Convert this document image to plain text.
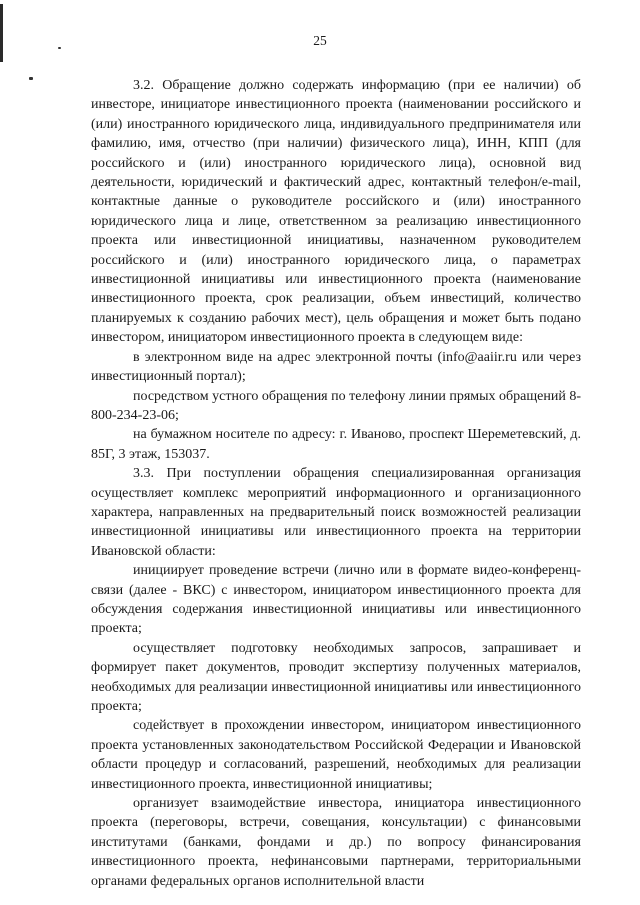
25

3.2. Обращение должно содержать информацию (при ее наличии) об инвесторе, инициаторе инвестиционного проекта (наименовании российского и (или) иностранного юридического лица, индивидуального предпринимателя или фамилию, имя, отчество (при наличии) физического лица), ИНН, КПП (для российского и (или) иностранного юридического лица), основной вид деятельности, юридический и фактический адрес, контактный телефон/e-mail, контактные данные о руководителе российского и (или) иностранного юридического лица и лице, ответственном за реализацию инвестиционного проекта или инвестиционной инициативы, назначенном руководителем российского и (или) иностранного юридического лица, о параметрах инвестиционной инициативы или инвестиционного проекта (наименование инвестиционного проекта, срок реализации, объем инвестиций, количество планируемых к созданию рабочих мест), цель обращения и может быть подано инвестором, инициатором инвестиционного проекта в следующем виде:

в электронном виде на адрес электронной почты (info@aaiir.ru или через инвестиционный портал);

посредством устного обращения по телефону линии прямых обращений 8-800-234-23-06;

на бумажном носителе по адресу: г. Иваново, проспект Шереметевский, д. 85Г, 3 этаж, 153037.

3.3. При поступлении обращения специализированная организация осуществляет комплекс мероприятий информационного и организационного характера, направленных на предварительный поиск возможностей реализации инвестиционной инициативы или инвестиционного проекта на территории Ивановской области:

инициирует проведение встречи (лично или в формате видео-конференц-связи (далее - ВКС) с инвестором, инициатором инвестиционного проекта для обсуждения содержания инвестиционной инициативы или инвестиционного проекта;

осуществляет подготовку необходимых запросов, запрашивает и формирует пакет документов, проводит экспертизу полученных материалов, необходимых для реализации инвестиционной инициативы или инвестиционного проекта;

содействует в прохождении инвестором, инициатором инвестиционного проекта установленных законодательством Российской Федерации и Ивановской области процедур и согласований, разрешений, необходимых для реализации инвестиционного проекта, инвестиционной инициативы;

организует взаимодействие инвестора, инициатора инвестиционного проекта (переговоры, встречи, совещания, консультации) с финансовыми институтами (банками, фондами и др.) по вопросу финансирования инвестиционного проекта, нефинансовыми партнерами, территориальными органами федеральных органов исполнительной власти
